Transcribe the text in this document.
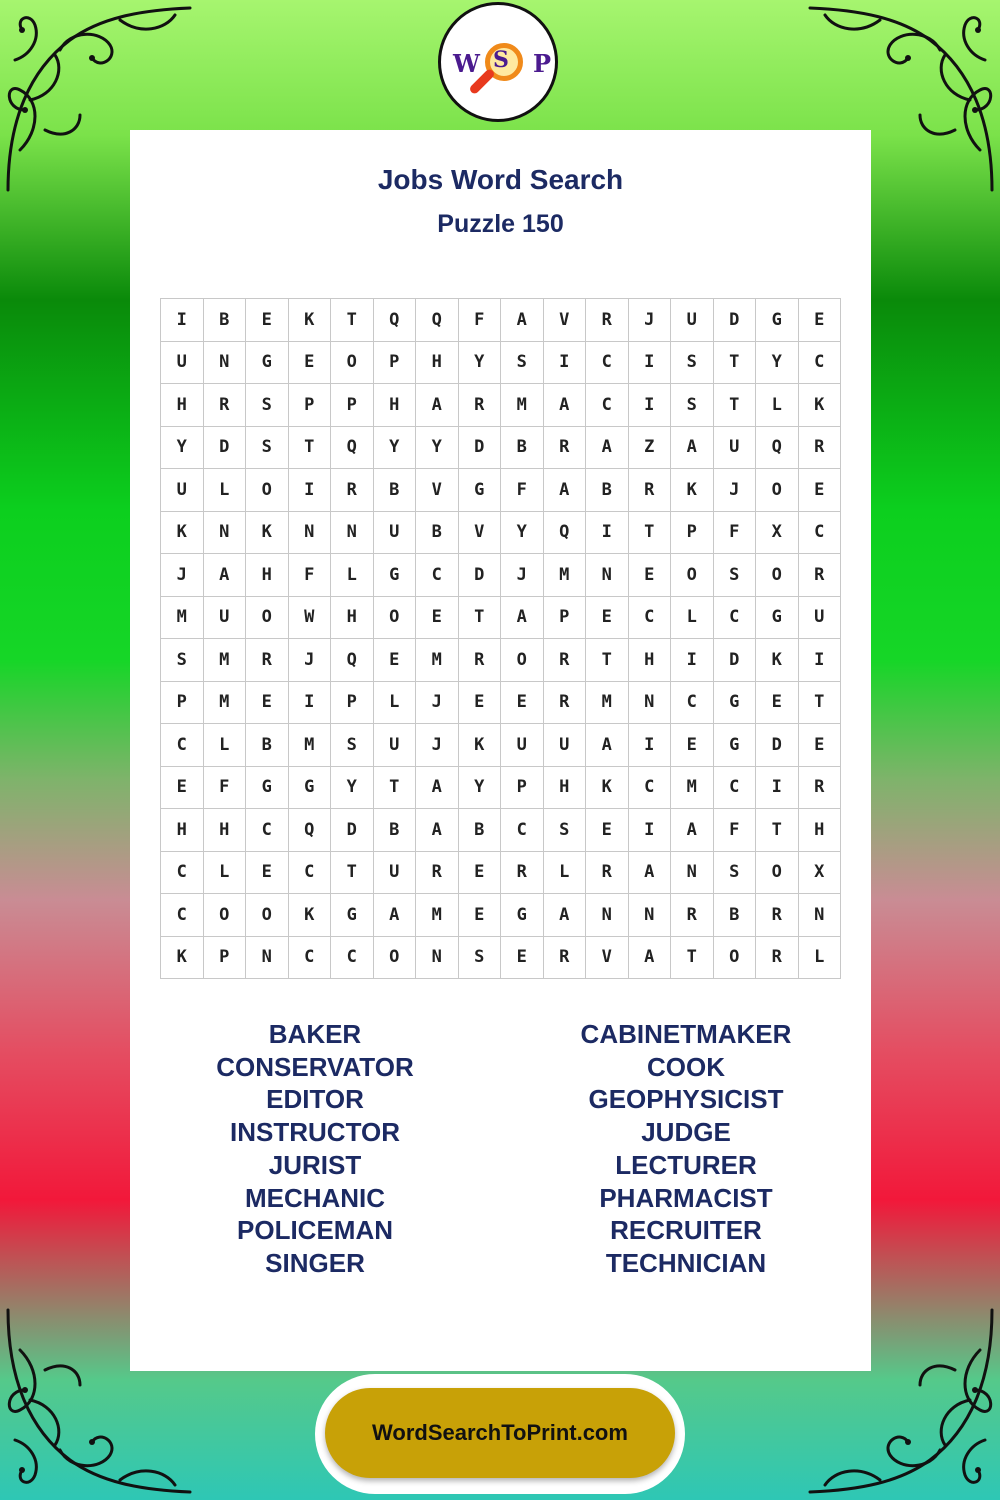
W S P
Jobs Word Search
Puzzle 150
I	B	E	K	T	Q	Q	F	A	V	R	J	U	D	G	E
U	N	G	E	O	P	H	Y	S	I	C	I	S	T	Y	C
H	R	S	P	P	H	A	R	M	A	C	I	S	T	L	K
Y	D	S	T	Q	Y	Y	D	B	R	A	Z	A	U	Q	R
U	L	O	I	R	B	V	G	F	A	B	R	K	J	O	E
K	N	K	N	N	U	B	V	Y	Q	I	T	P	F	X	C
J	A	H	F	L	G	C	D	J	M	N	E	O	S	O	R
M	U	O	W	H	O	E	T	A	P	E	C	L	C	G	U
S	M	R	J	Q	E	M	R	O	R	T	H	I	D	K	I
P	M	E	I	P	L	J	E	E	R	M	N	C	G	E	T
C	L	B	M	S	U	J	K	U	U	A	I	E	G	D	E
E	F	G	G	Y	T	A	Y	P	H	K	C	M	C	I	R
H	H	C	Q	D	B	A	B	C	S	E	I	A	F	T	H
C	L	E	C	T	U	R	E	R	L	R	A	N	S	O	X
C	O	O	K	G	A	M	E	G	A	N	N	R	B	R	N
K	P	N	C	C	O	N	S	E	R	V	A	T	O	R	L
BAKER
CONSERVATOR
EDITOR
INSTRUCTOR
JURIST
MECHANIC
POLICEMAN
SINGER
CABINETMAKER
COOK
GEOPHYSICIST
JUDGE
LECTURER
PHARMACIST
RECRUITER
TECHNICIAN
WordSearchToPrint.com
